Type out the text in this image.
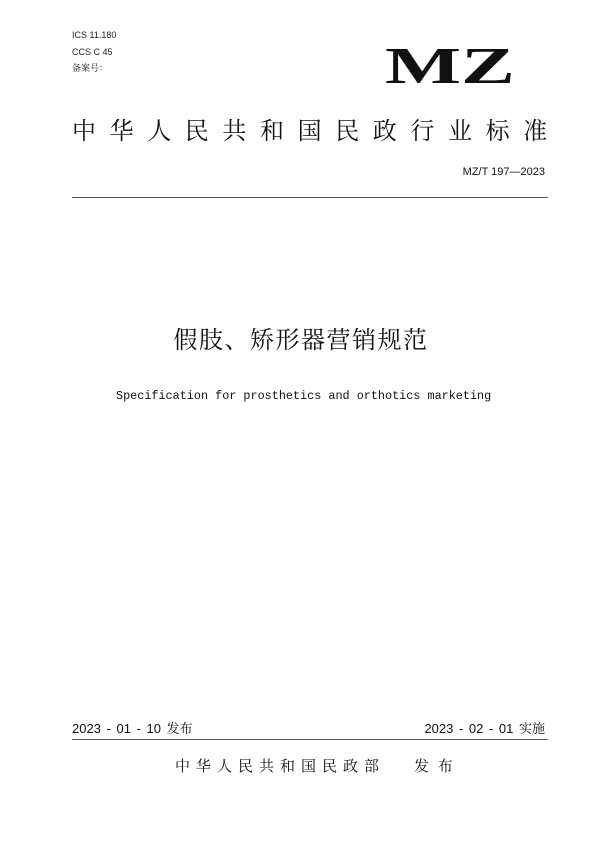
ICS 11.180
CCS C 45
备案号：	MZ
中华人民共和国民政行业标准
MZ/T 197—2023
假肢、矫形器营销规范
Specification for prosthetics and orthotics marketing
2023 - 01 - 10 发布	2023 - 02 - 01 实施
中华人民共和国民政部 发 布
